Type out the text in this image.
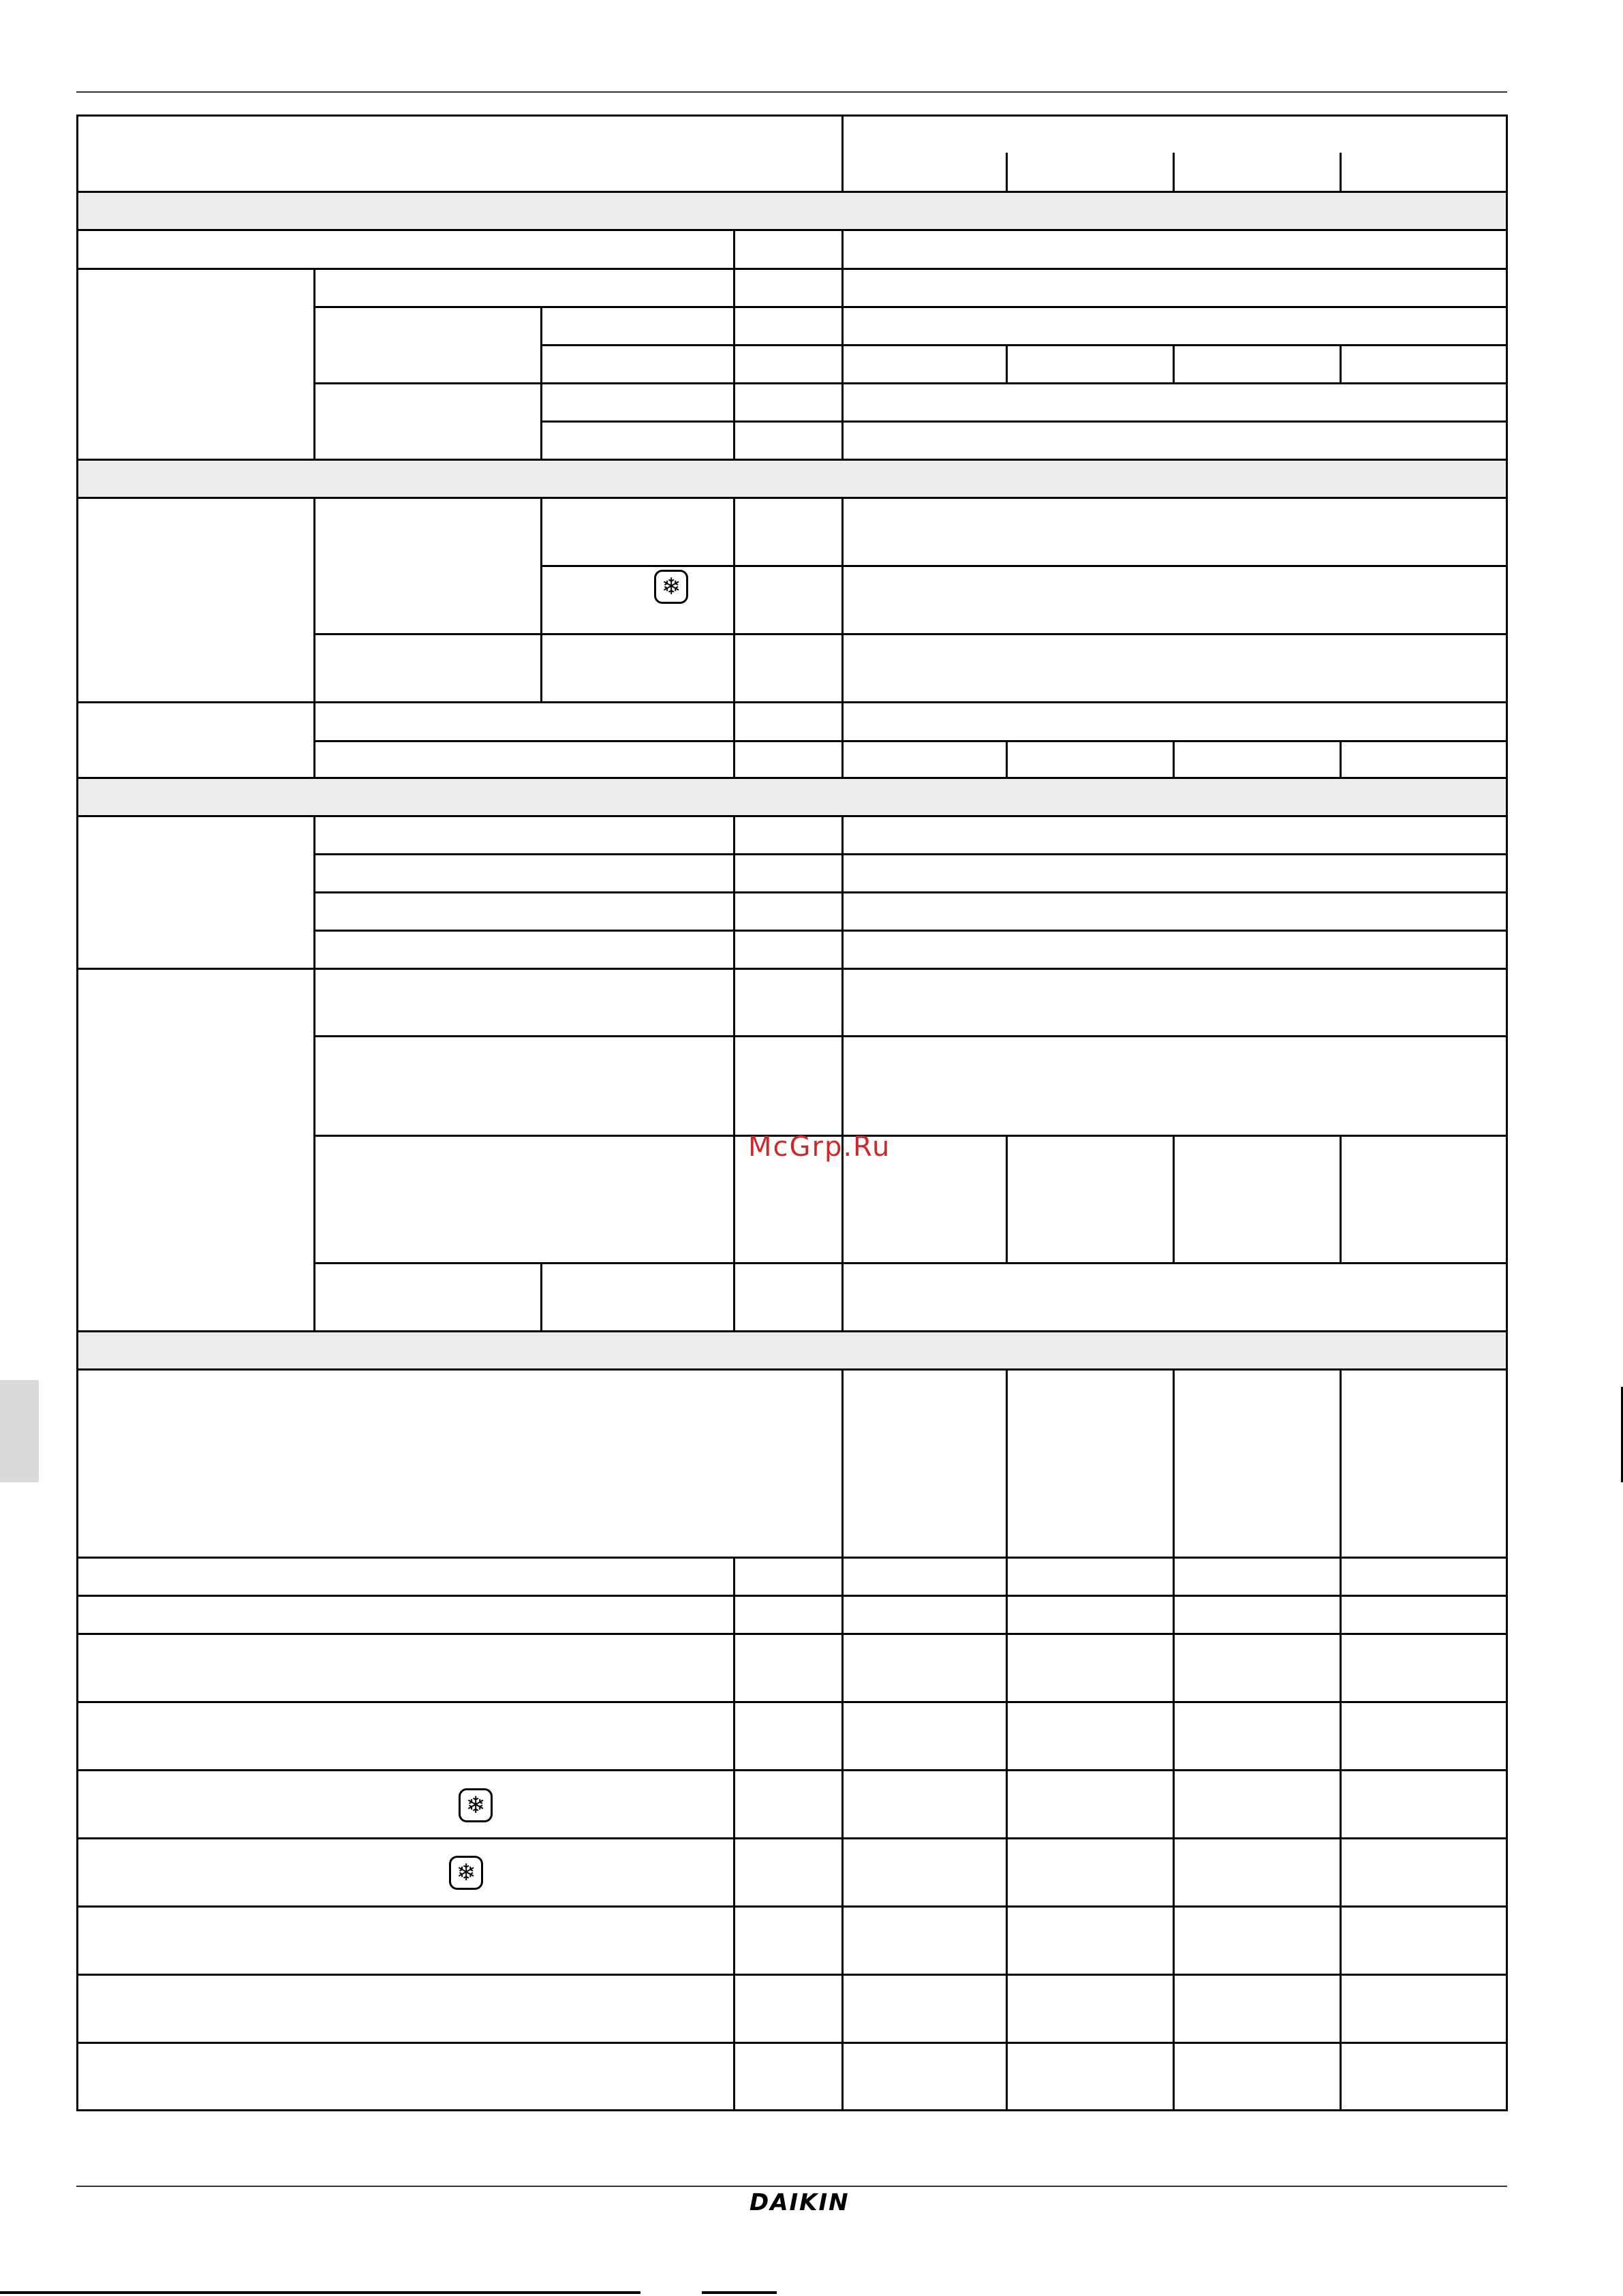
❄
❄
❄
McGrp.Ru
DAIKIN
